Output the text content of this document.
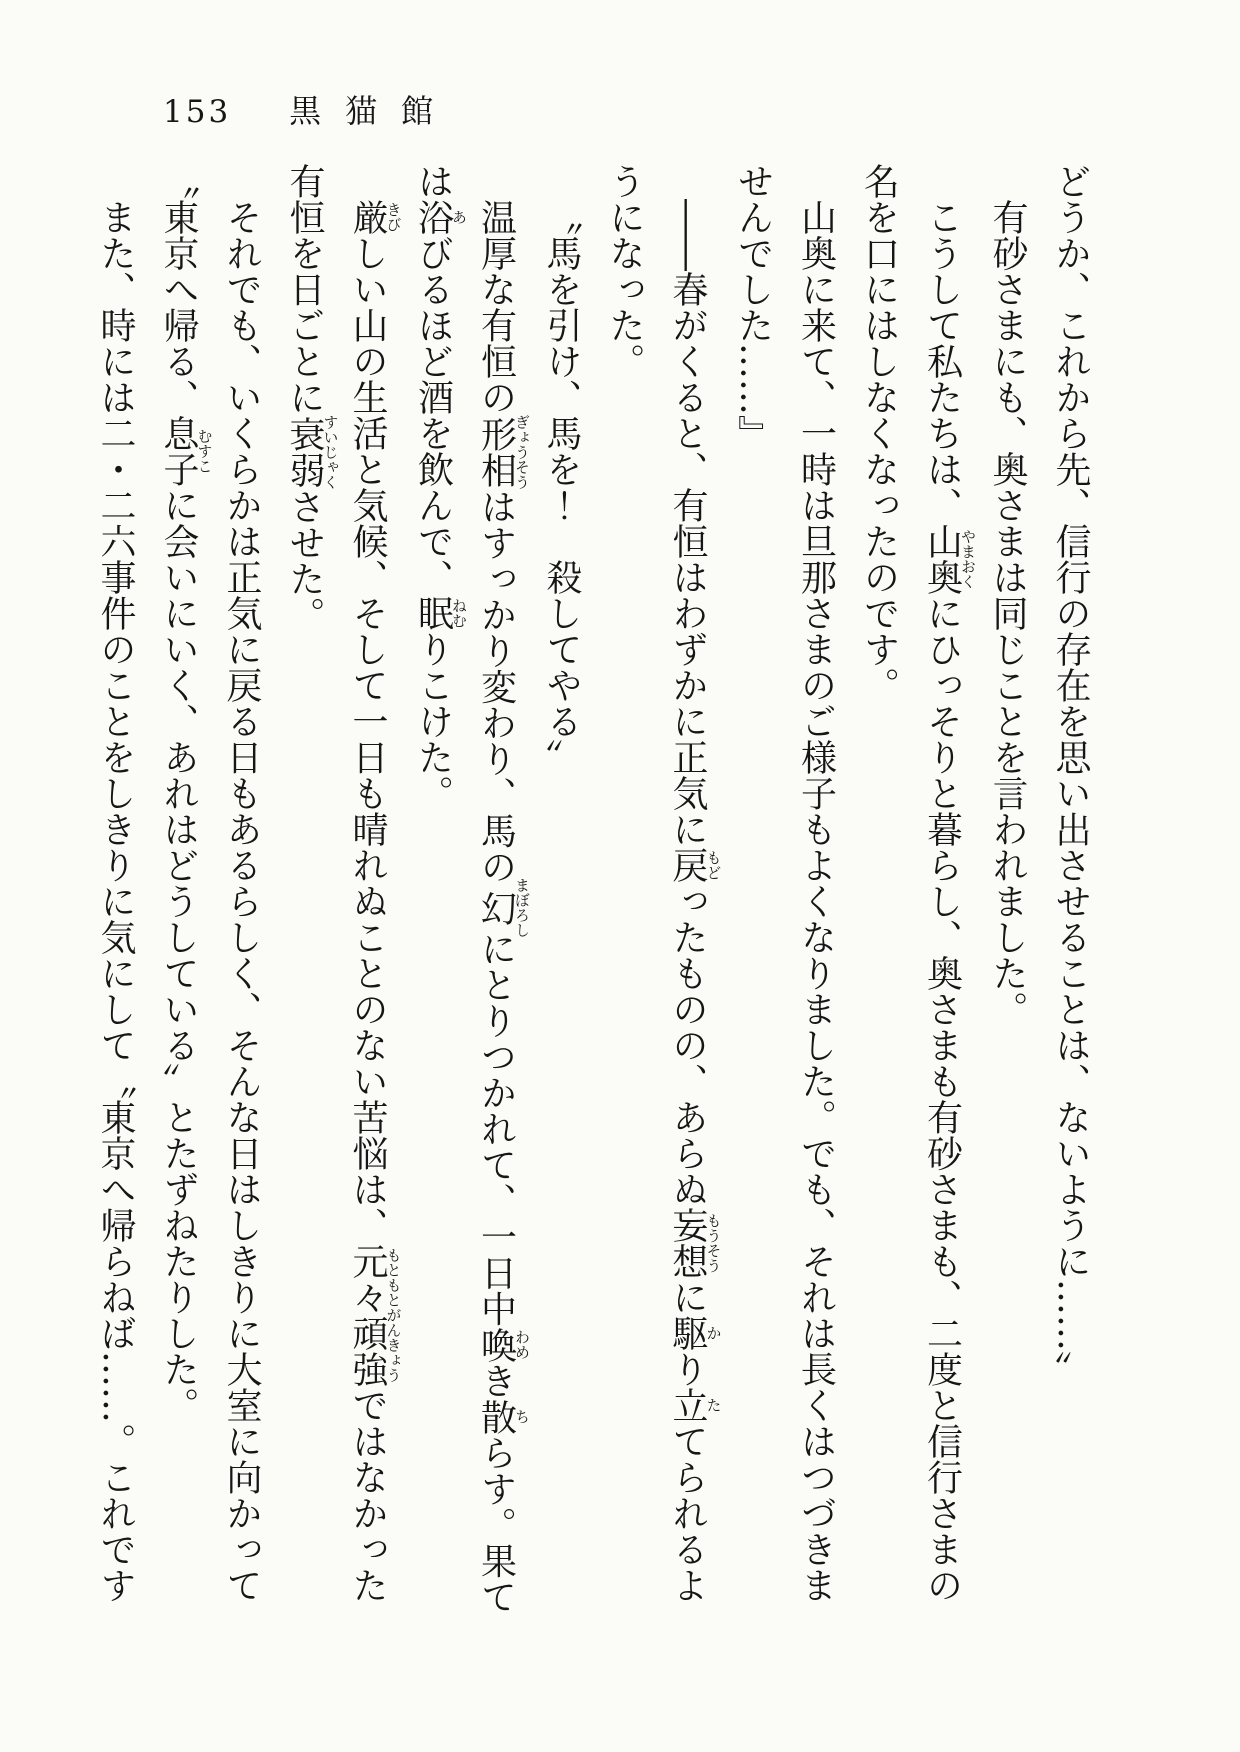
153 黒猫館

どうか、これから先、信行の存在を思い出させることは、ないように……〟

有砂さまにも、奥さまは同じことを言われました。

こうして私たちは、山奥やまおくにひっそりと暮らし、奥さまも有砂さまも、二度と信行さまの名を口にはしなくなったのです。

山奥に来て、一時は旦那さまのご様子もよくなりました。でも、それは長くはつづきませんでした……』

――春がくると、有恒はわずかに正気に戻もどったものの、あらぬ妄想もうそうに駆かり立たてられるようになった。

〝馬を引け、馬を！　殺してやる〟

温厚な有恒の形相ぎょうそうはすっかり変わり、馬の幻まぼろしにとりつかれて、一日中喚わめき散ちらす。果ては浴あびるほど酒を飲んで、眠ねむりこけた。

厳きびしい山の生活と気候、そして一日も晴れぬことのない苦悩は、元々頑強もともとがんきょうではなかった有恒を日ごとに衰弱すいじゃくさせた。

それでも、いくらかは正気に戻る日もあるらしく、そんな日はしきりに大室に向かって〝東京へ帰る、息子むすこに会いにいく、あれはどうしている〟とたずねたりした。

また、時には二・二六事件のことをしきりに気にして〝東京へ帰らねば……。これです
